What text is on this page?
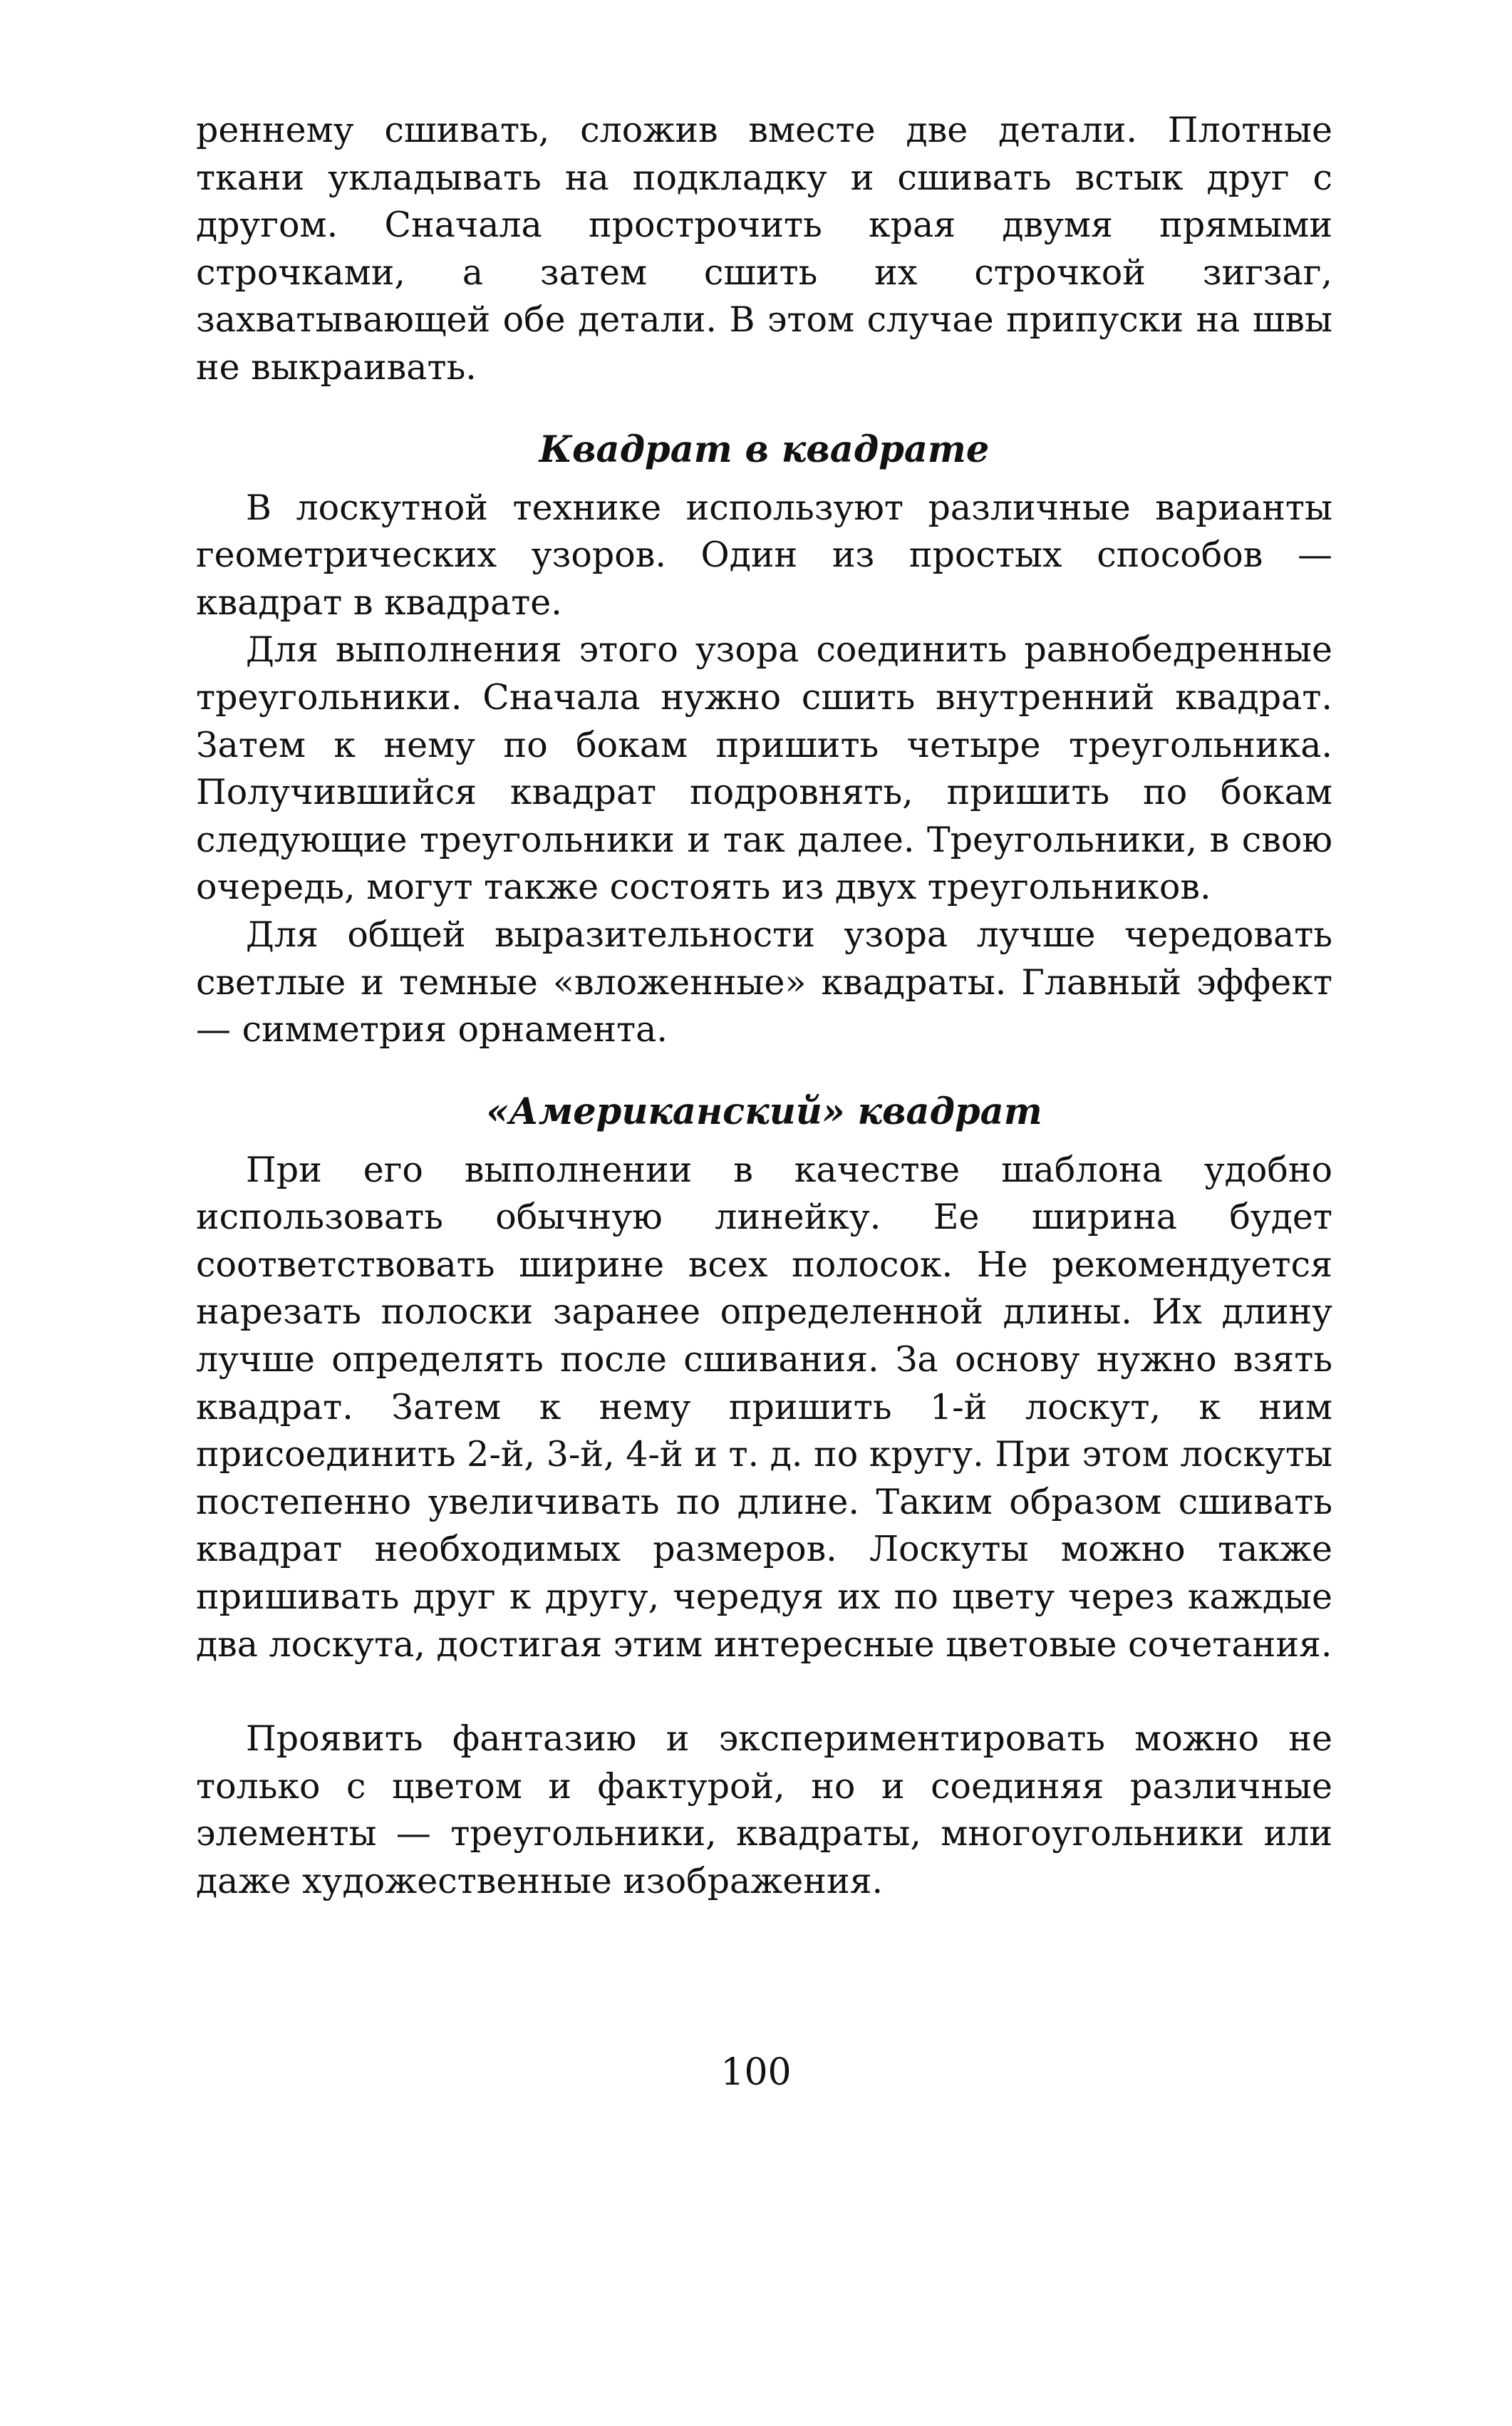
реннему сшивать, сложив вместе две детали. Плотные ткани укладывать на подкладку и сшивать встык друг с другом. Сначала прострочить края двумя прямыми строчками, а затем сшить их строчкой зигзаг, захватывающей обе детали. В этом случае припуски на швы не выкраивать.

Квадрат в квадрате

В лоскутной технике используют различные варианты геометрических узоров. Один из простых способов — квадрат в квадрате.

Для выполнения этого узора соединить равнобедренные треугольники. Сначала нужно сшить внутренний квадрат. Затем к нему по бокам пришить четыре треугольника. Получившийся квадрат подровнять, пришить по бокам следующие треугольники и так далее. Треугольники, в свою очередь, могут также состоять из двух треугольников.

Для общей выразительности узора лучше чередовать светлые и темные «вложенные» квадраты. Главный эффект — симметрия орнамента.

«Американский» квадрат

При его выполнении в качестве шаблона удобно использовать обычную линейку. Ее ширина будет соответствовать ширине всех полосок. Не рекомендуется нарезать полоски заранее определенной длины. Их длину лучше определять после сшивания. За основу нужно взять квадрат. Затем к нему пришить 1-й лоскут, к ним присоединить 2-й, 3-й, 4-й и т. д. по кругу. При этом лоскуты постепенно увеличивать по длине. Таким образом сшивать квадрат необходимых размеров. Лоскуты можно также пришивать друг к другу, чередуя их по цвету через каждые два лоскута, достигая этим интересные цветовые сочетания.

Проявить фантазию и экспериментировать можно не только с цветом и фактурой, но и соединяя различные элементы — треугольники, квадраты, многоугольники или даже художественные изображения.

100
